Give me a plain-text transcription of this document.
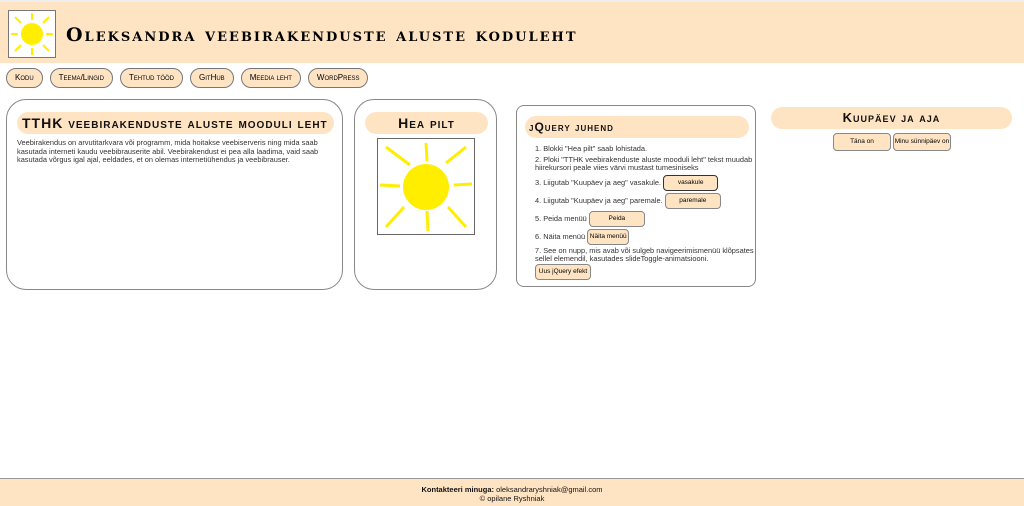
Oleksandra veebirakenduste aluste koduleht
Kodu	Teema/Lingid	Tehtud tööd	GitHub	Meedia leht	WordPress
TTHK veebirakenduste aluste mooduli leht

Veebirakendus on arvutitarkvara või programm, mida hoitakse veebiserveris ning mida saab kasutada interneti kaudu veebibrauserite abil. Veebirakendust ei pea alla laadima, vaid saab kasutada võrgus igal ajal, eeldades, et on olemas internetiühendus ja veebibrauser.

Hea pilt	jQuery juhend
1. Blokki "Hea pilt" saab lohistada.
2. Ploki "TTHK veebirakenduste aluste mooduli leht" tekst muudab hiirekursori peale viies värvi mustast tumesiniseks
3. Liigutab "Kuupäev ja aeg" vasakule.	vasakule
4. Liigutab "Kuupäev ja aeg" paremale.	paremale
5. Peida menüü	Peida
6. Näita menüü Näita menüü
7. See on nupp, mis avab või sulgeb navigeerimismenüü klõpsates sellel elemendil, kasutades slideToggle-animatsiooni. Uus jQuery efekt
Kuupäev ja aja
Täna on	Minu sünnipäev on
Kontakteeri minuga: oleksandraryshniak@gmail.com
© opilane Ryshniak
